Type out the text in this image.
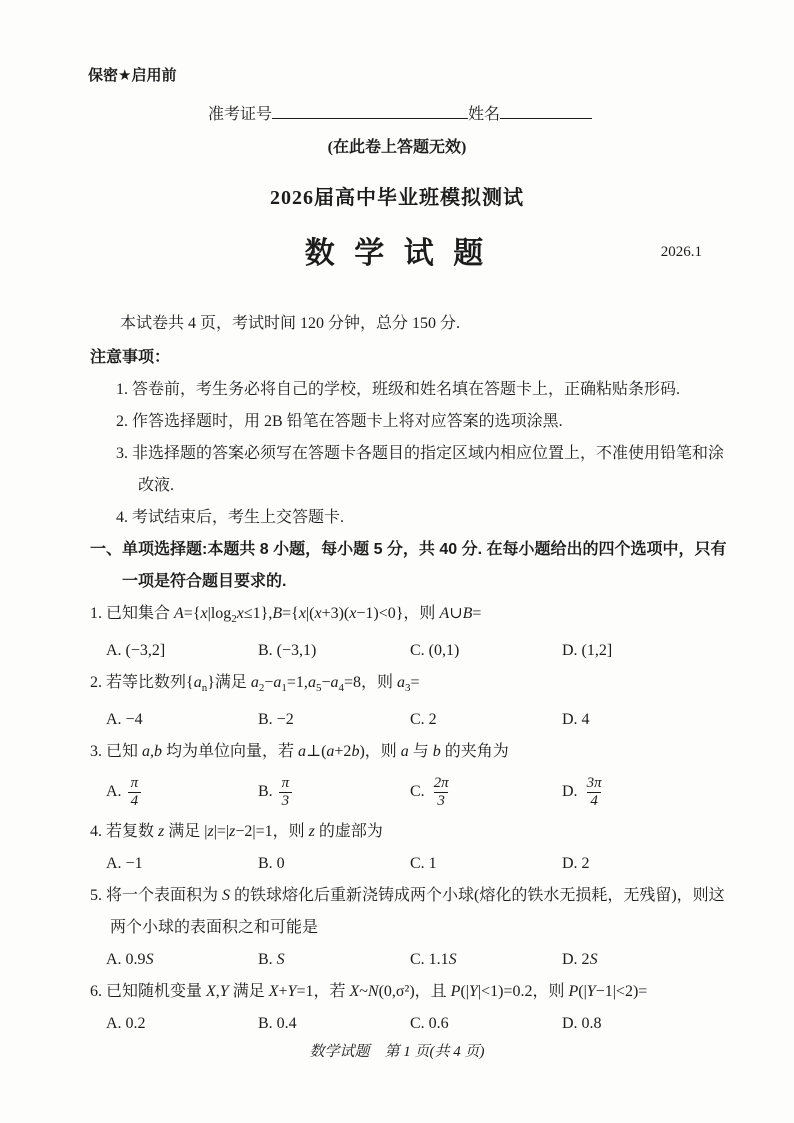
保密★启用前
准考证号	姓名
(在此卷上答题无效)
2026届高中毕业班模拟测试
数 学 试 题	2026.1

本试卷共 4 页，考试时间 120 分钟，总分 150 分.

注意事项：

1. 答卷前，考生务必将自己的学校，班级和姓名填在答题卡上，正确粘贴条形码.
2. 作答选择题时，用 2B 铅笔在答题卡上将对应答案的选项涂黑.
3. 非选择题的答案必须写在答题卡各题目的指定区域内相应位置上，不准使用铅笔和涂改液.
4. 考试结束后，考生上交答题卡.

一、单项选择题:本题共 8 小题，每小题 5 分，共 40 分. 在每小题给出的四个选项中，只有一项是符合题目要求的.

1. 已知集合 $A=\{x|\log_2x\le 1\},B=\{x|(x+3)(x-1)<0\}$，则 A∪B=

A. (−3,2]	B. (−3,1)	C. (0,1)	D. (1,2]

2. 若等比数列$\{a_n\}$满足 $a_2-a_1=1,a_5-a_4=8$，则 $a_3=$

A. −4	B. −2	C. 2	D. 4

3. 已知 a,b 均为单位向量，若 a⊥(a+2b)，则 a 与 b 的夹角为

A. $\frac{\pi}{4}$	B. $\frac{\pi}{3}$	C. $\frac{2\pi}{3}$	D. $\frac{3\pi}{4}$

4. 若复数 z 满足 |z|=|z−2|=1，则 z 的虚部为

A. −1	B. 0	C. 1	D. 2

5. 将一个表面积为 S 的铁球熔化后重新浇铸成两个小球(熔化的铁水无损耗，无残留)，则这两个小球的表面积之和可能是

A. 0.9S	B. S	C. 1.1S	D. 2S

6. 已知随机变量 X,Y 满足 X+Y=1，若 X~N(0,σ²)，且 P(|Y|<1)=0.2，则 P(|Y−1|<2)=

A. 0.2	B. 0.4	C. 0.6	D. 0.8
数学试题　第 1 页(共 4 页)
